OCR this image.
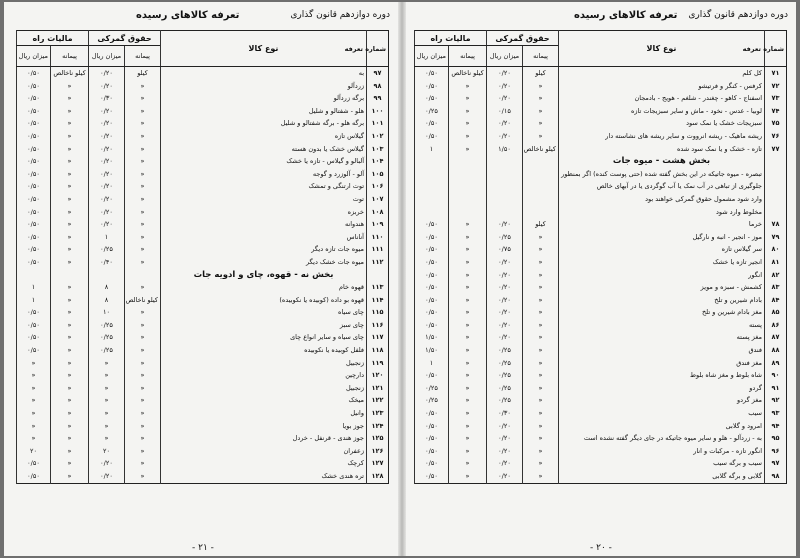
تعرفه کالاهای رسیده	دوره دوازدهم قانون گذاری
شماره تعرفه	نوع کالا	حقوق گمرکی		مالیات راه	
		پیمانه	میزان ریال	پیمانه	میزان ریال
۹۷	به	کیلو	۰/۲۰	کیلو ناخالص	۰/۵۰
۹۸	زردآلو	«	۰/۲۰	«	۰/۵۰
۹۹	برگه زردآلو	«	۰/۳۰	«	۰/۵۰
۱۰۰	هلو - شفتالو و شلیل	«	۰/۲۰	«	۰/۵۰
۱۰۱	برگه هلو - برگه شفتالو و شلیل	«	۰/۲۰	«	۰/۵۰
۱۰۲	گیلاس تازه	«	۰/۲۰	«	۰/۵۰
۱۰۳	گیلاس خشک یا بدون هسته	«	۰/۲۰	«	۰/۵۰
۱۰۴	آلبالو و گیلاس - تازه یا خشک	«	۰/۲۰	«	۰/۵۰
۱۰۵	آلو - آلوزرد و گوجه	«	۰/۲۰	«	۰/۵۰
۱۰۶	توت ارتنگی و تمشک	«	۰/۲۰	«	۰/۵۰
۱۰۷	توت	«	۰/۲۰	«	۰/۵۰
۱۰۸	خربزه	«	۰/۲۰	«	۰/۵۰
۱۰۹	هندوانه	«	۰/۲۰	«	۰/۵۰
۱۱۰	آناناس	«	۱	«	۰/۵۰
۱۱۱	میوه جات تازه دیگر	«	۰/۲۵	«	۰/۵۰
۱۱۲	میوه جات خشک دیگر	«	۰/۴۰	«	۰/۵۰
	بخش نه - قهوه، چای و ادویه جات				
۱۱۳	قهوه خام	«	۸	«	۱
۱۱۴	قهوه بو داده (کوبیده یا نکوبیده)	کیلو ناخالص	۸	«	۱
۱۱۵	چای سیاه	«	۱۰	«	۰/۵۰
۱۱۶	چای سبز	«	۰/۲۵	«	۰/۵۰
۱۱۷	چای سیاه و سایر انواع چای	«	۰/۲۵	«	۰/۵۰
۱۱۸	فلفل کوبیده یا نکوبیده	«	۰/۲۵	«	۰/۵۰
۱۱۹	زنجبیل	«	«	«	«
۱۲۰	دارچین	«	«	«	«
۱۲۱	زنجبیل	«	«	«	«
۱۲۲	میخک	«	«	«	«
۱۲۳	وانیل	«	«	«	«
۱۲۴	جوز بویا	«	«	«	«
۱۲۵	جوز هندی - قرنفل - خردل	«	«	«	«
۱۲۶	زعفران	«	۲۰	«	۲۰
۱۲۷	کرچک	«	۰/۲۰	«	۰/۵۰
۱۲۸	تره هندی خشک	«	۰/۲۰	«	۰/۵۰
- ۲۱ -
تعرفه کالاهای رسیده دوره دوازدهم قانون گذاری
شماره تعرفه	نوع کالا	حقوق گمرکی		مالیات راه	
		پیمانه	میزان ریال	پیمانه	میزان ریال
۷۱	کل کلم	کیلو	۰/۲۰	کیلو ناخالص	۰/۵۰
۷۲	کرفس - کنگر و فرتیشو	«	۰/۲۰	«	۰/۵۰
۷۳	اسفناج - کاهو - چغندر - شلغم - هویج - بادمجان	«	۰/۲۰	«	۰/۵۰
۷۴	لوبیا - عدس - نخود - ماش و سایر سبزیجات تازه	«	۰/۱۵	«	۰/۲۵
۷۵	سبزیجات خشک یا نمک سود	«	۰/۲۰	«	۰/۵۰
۷۶	ریشه ماهیک - ریشه انرووت و سایر ریشه های نشاسته دار	«	۰/۲۰	«	۰/۵۰
۷۷	تازه - خشک و یا نمک سود شده	کیلو ناخالص	۱/۵۰	«	۱
	بخش هشت - میوه جات				
	تبصره - میوه جاتیکه در این بخش گفته شده (حتی پوست کنده) اگر بمنظور				
	جلوگیری از تباهی در آب نمک یا آب گوگردی یا در آبهای خالص				
	وارد شود مشمول حقوق گمرکی خواهند بود				
	مخلوط وارد شود				
۷۸	خرما	کیلو	۰/۲۰	«	۰/۵۰
۷۹	موز - انجیر - انبه و نارگیل	«	۰/۲۵	«	۰/۵۰
۸۰	سر گیلاس تازه	«	۰/۷۵	«	۰/۵۰
۸۱	انجیر تازه یا خشک	«	۰/۲۰	«	۰/۵۰
۸۲	انگور	«	۰/۲۰	«	۰/۵۰
۸۳	کشمش - سبزه و مویز	«	۰/۲۰	«	۰/۵۰
۸۴	بادام شیرین و تلخ	«	۰/۲۰	«	۰/۵۰
۸۵	مغز بادام شیرین و تلخ	«	۰/۲۰	«	۰/۵۰
۸۶	پسته	«	۰/۲۰	«	۰/۵۰
۸۷	مغز پسته	«	۰/۲۰	«	۱/۵۰
۸۸	فندق	«	۰/۲۵	«	۱/۵۰
۸۹	مغز فندق	«	۰/۲۵	«	۱
۹۰	شاه بلوط و مغز شاه بلوط	«	۰/۲۵	«	۰/۵۰
۹۱	گردو	«	۰/۲۵	«	۰/۲۵
۹۲	مغز گردو	«	۰/۲۵	«	۰/۲۵
۹۳	سیب	«	۰/۳۰	«	۰/۵۰
۹۴	امرود و گلابی	«	۰/۲۰	«	۰/۵۰
۹۵	به - زردآلو - هلو و سایر میوه جاتیکه در جای دیگر گفته نشده است	«	۰/۲۰	«	۰/۵۰
۹۶	انگور تازه - مرکبات و انار	«	۰/۲۰	«	۰/۵۰
۹۷	سیب و برگه سیب	«	۰/۲۰	«	۰/۵۰
۹۸	گلابی و برگه گلابی	«	۰/۲۰	«	۰/۵۰
- ۲۰ -
